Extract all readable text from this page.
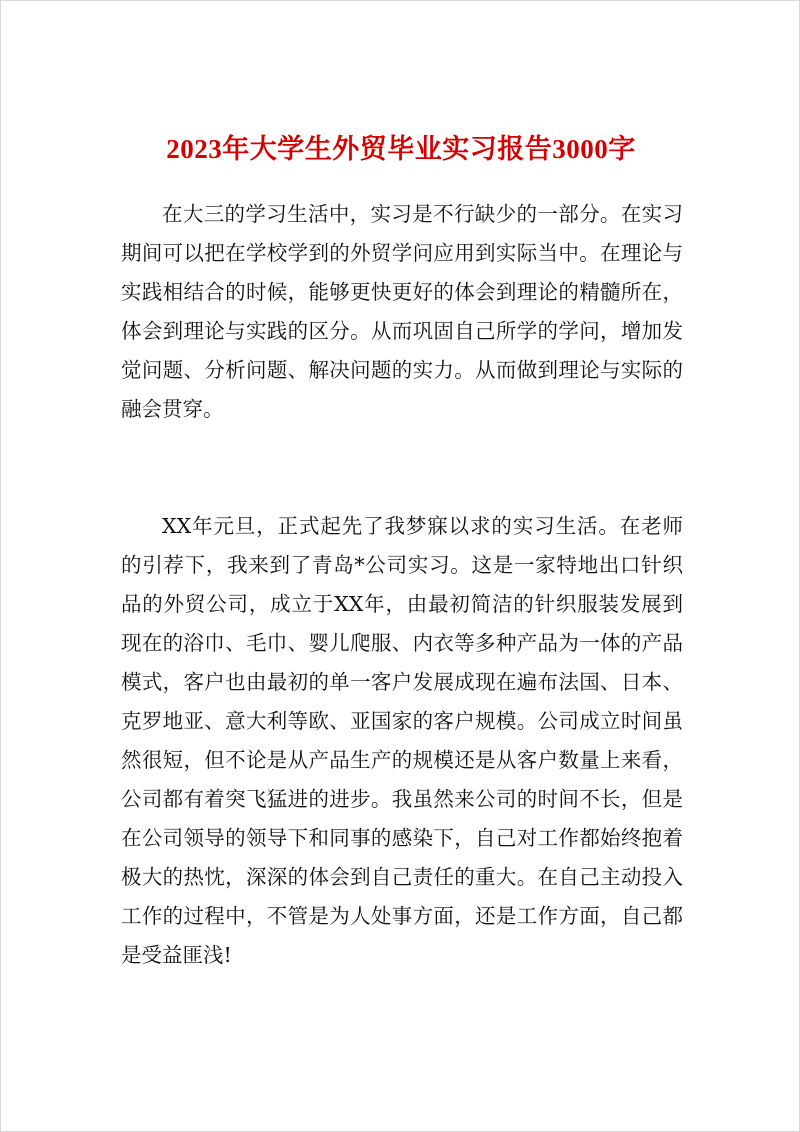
2023年大学生外贸毕业实习报告3000字

在大三的学习生活中，实习是不行缺少的一部分。在实习期间可以把在学校学到的外贸学问应用到实际当中。在理论与实践相结合的时候，能够更快更好的体会到理论的精髓所在，体会到理论与实践的区分。从而巩固自己所学的学问，增加发觉问题、分析问题、解决问题的实力。从而做到理论与实际的融会贯穿。

XX年元旦，正式起先了我梦寐以求的实习生活。在老师的引荐下，我来到了青岛*公司实习。这是一家特地出口针织品的外贸公司，成立于XX年，由最初简洁的针织服装发展到现在的浴巾、毛巾、婴儿爬服、内衣等多种产品为一体的产品模式，客户也由最初的单一客户发展成现在遍布法国、日本、克罗地亚、意大利等欧、亚国家的客户规模。公司成立时间虽然很短，但不论是从产品生产的规模还是从客户数量上来看，公司都有着突飞猛进的进步。我虽然来公司的时间不长，但是在公司领导的领导下和同事的感染下，自己对工作都始终抱着极大的热忱，深深的体会到自己责任的重大。在自己主动投入工作的过程中，不管是为人处事方面，还是工作方面，自己都是受益匪浅!
